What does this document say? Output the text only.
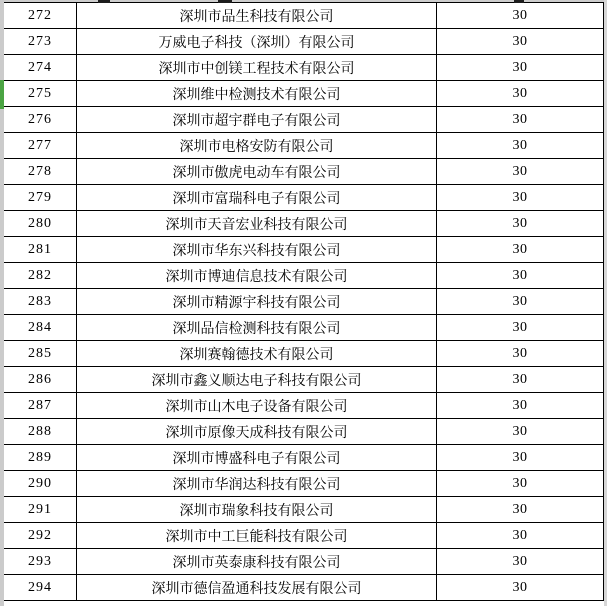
272	深圳市品生科技有限公司	30
273	万威电子科技（深圳）有限公司	30
274	深圳市中创镁工程技术有限公司	30
275	深圳维中检测技术有限公司	30
276	深圳市超宇群电子有限公司	30
277	深圳市电格安防有限公司	30
278	深圳市傲虎电动车有限公司	30
279	深圳市富瑞科电子有限公司	30
280	深圳市天音宏业科技有限公司	30
281	深圳市华东兴科技有限公司	30
282	深圳市博迪信息技术有限公司	30
283	深圳市精源宇科技有限公司	30
284	深圳品信检测科技有限公司	30
285	深圳赛翰德技术有限公司	30
286	深圳市鑫义顺达电子科技有限公司	30
287	深圳市山木电子设备有限公司	30
288	深圳市原像天成科技有限公司	30
289	深圳市博盛科电子有限公司	30
290	深圳市华润达科技有限公司	30
291	深圳市瑞象科技有限公司	30
292	深圳市中工巨能科技有限公司	30
293	深圳市英泰康科技有限公司	30
294	深圳市德信盈通科技发展有限公司	30
